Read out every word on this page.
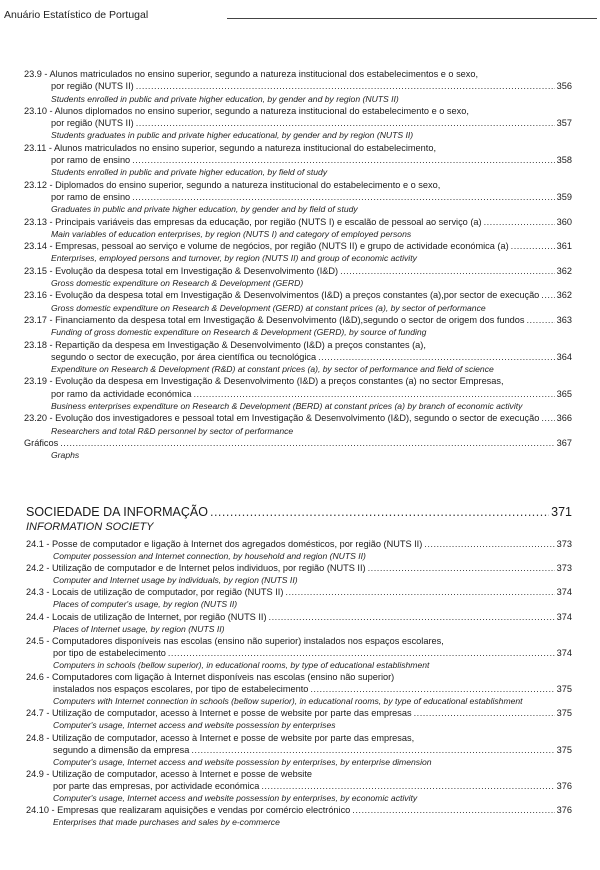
Anuário Estatístico de Portugal
23.9 - Alunos matriculados no ensino superior, segundo a natureza institucional dos estabelecimentos e o sexo,
por região (NUTS II) .....	356
Students enrolled in public and private higher education, by gender and by region (NUTS II)
23.10 - Alunos diplomados no ensino superior, segundo a natureza institucional do estabelecimento e o sexo,
por região (NUTS II) .....	357
Students graduates in public and private higher educational, by gender and by region (NUTS II)
23.11 - Alunos matriculados no ensino superior, segundo a natureza institucional do estabelecimento,
por ramo de ensino .....	358
Students enrolled in public and private higher education, by field of study
23.12 - Diplomados do ensino superior, segundo a natureza institucional do estabelecimento e o sexo,
por ramo de ensino .....	359
Graduates in public and private higher education, by gender and by field of study
23.13 - Principais variáveis das empresas da educação, por região (NUTS I) e escalão de pessoal ao serviço (a) .....	360
Main variables of education enterprises, by region (NUTS I) and category of employed persons
23.14 - Empresas, pessoal ao serviço e volume de negócios, por região (NUTS II) e grupo de actividade económica (a) .....	361
Enterprises, employed persons and turnover, by region (NUTS II) and group of economic activity
23.15 - Evolução da despesa total em Investigação & Desenvolvimento (I&D) .....	362
Gross domestic expenditure on Research & Development (GERD)
23.16 - Evolução da despesa total em Investigação & Desenvolvimentos (I&D) a preços constantes (a),por sector de execução ..... 362
Gross domestic expenditure on Research & Development (GERD) at constant prices (a), by sector of performance
23.17 - Financiamento da despesa total em Investigação & Desenvolvimento (I&D),segundo o sector de origem dos fundos .....	363
Funding of gross domestic expenditure on Research & Development (GERD), by source of funding
23.18 - Repartição da despesa em Investigação & Desenvolvimento (I&D) a preços constantes (a),
segundo o sector de execução, por área científica ou tecnológica .....	364
Expenditure on Research & Development (R&D) at constant prices (a), by sector of performance and field of science
23.19 - Evolução da despesa em Investigação & Desenvolvimento (I&D) a preços constantes (a) no sector Empresas,
por ramo da actividade económica .....	365
Business enterprises expenditure on Research & Development (BERD) at constant prices (a) by branch of economic activity
23.20 - Evolução dos investigadores e pessoal total em Investigação & Desenvolvimento (I&D), segundo o sector de execução ..... 366
Researchers and total R&D personnel by sector of performance
Gráficos .....	367
Graphs
SOCIEDADE DA INFORMAÇÃO .....	371
INFORMATION SOCIETY
24.1 - Posse de computador e ligação à Internet dos agregados domésticos, por região (NUTS II) .....	373
Computer possession and Internet connection, by household and region (NUTS II)
24.2 - Utilização de computador e de Internet pelos individuos, por região (NUTS II) .....	373
Computer and Internet usage by individuals, by region (NUTS II)
24.3 - Locais de utilização de computador, por região (NUTS II) .....	374
Places of computer's usage, by region (NUTS II)
24.4 - Locais de utilização de Internet, por região (NUTS II) .....	374
Places of Internet usage, by region (NUTS II)
24.5 - Computadores disponíveis nas escolas (ensino não superior) instalados nos espaços escolares,
por tipo de estabelecimento .....	374
Computers in schools (bellow superior), in educational rooms, by type of educational establishment
24.6 - Computadores com ligação à Internet disponíveis nas escolas (ensino não superior)
instalados nos espaços escolares, por tipo de estabelecimento .....	375
Computers with Internet connection in schools (bellow superior), in educational rooms, by type of educational establishment
24.7 - Utilização de computador, acesso à Internet e posse de website por parte das empresas .....	375
Computer's usage, Internet access and website possession by enterprises
24.8 - Utilização de computador, acesso à Internet e posse de website por parte das empresas,
segundo a dimensão da empresa .....	375
Computer's usage, Internet access and website possession by enterprises, by enterprise dimension
24.9 - Utilização de computador, acesso à Internet e posse de website
por parte das empresas, por actividade económica .....	376
Computer's usage, Internet access and website possession by enterprises, by economic activity
24.10 - Empresas que realizaram aquisições e vendas por comércio electrónico .....	376
Enterprises that made purchases and sales by e-commerce
